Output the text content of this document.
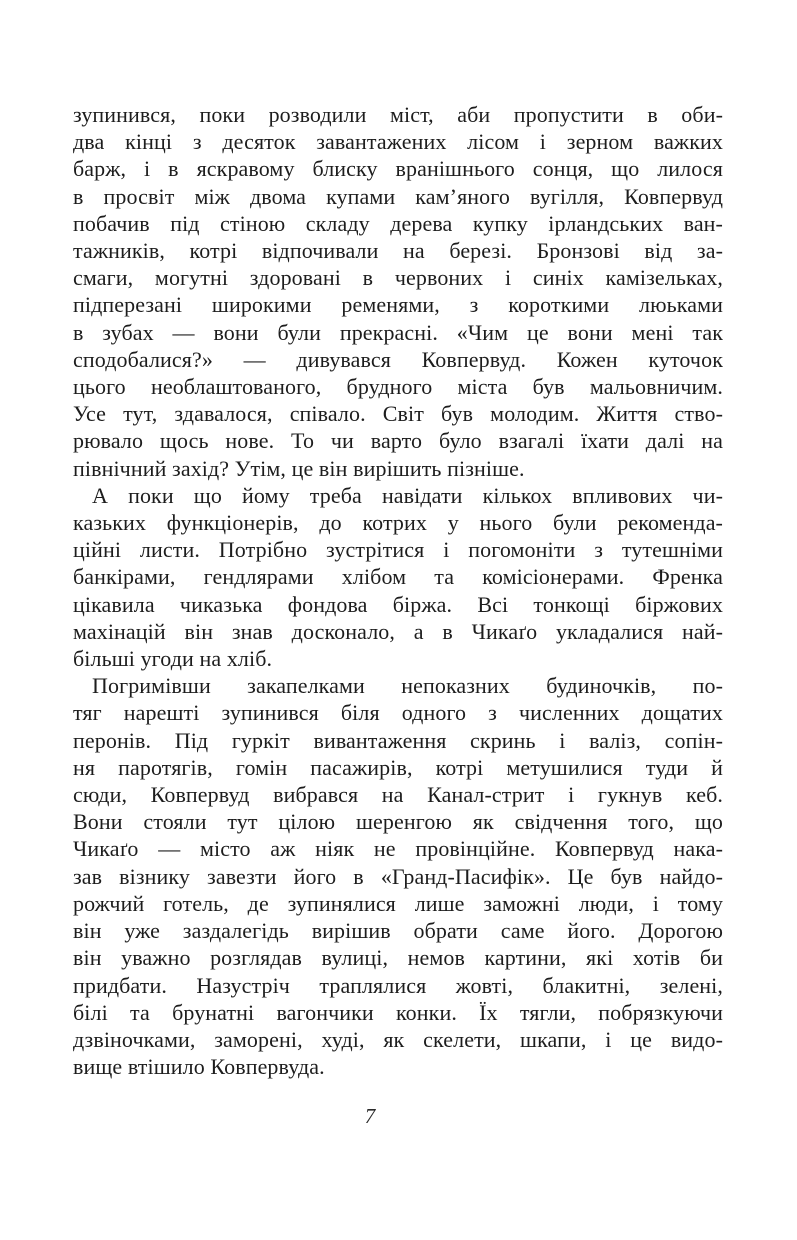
зупинився, поки розводили міст, аби пропустити в оби-
два кінці з десяток завантажених лісом і зерном важких
барж, і в яскравому блиску вранішнього сонця, що лилося
в просвіт між двома купами кам’яного вугілля, Ковпервуд
побачив під стіною складу дерева купку ірландських ван-
тажників, котрі відпочивали на березі. Бронзові від за-
смаги, могутні здоровані в червоних і синіх камізельках,
підперезані широкими ременями, з короткими люьками
в зубах — вони були прекрасні. «Чим це вони мені так
сподобалися?» — дивувався Ковпервуд. Кожен куточок
цього необлаштованого, брудного міста був мальовничим.
Усе тут, здавалося, співало. Світ був молодим. Життя ство-
рювало щось нове. То чи варто було взагалі їхати далі на
північний захід? Утім, це він вирішить пізніше.
А поки що йому треба навідати кількох впливових чи-
казьких функціонерів, до котрих у нього були рекоменда-
ційні листи. Потрібно зустрітися і погомоніти з тутешніми
банкірами, гендлярами хлібом та комісіонерами. Френка
цікавила чиказька фондова біржа. Всі тонкощі біржових
махінацій він знав досконало, а в Чикаґо укладалися най-
більші угоди на хліб.
Погримівши закапелками непоказних будиночків, по-
тяг нарешті зупинився біля одного з численних дощатих
перонів. Під гуркіт вивантаження скринь і валіз, сопін-
ня паротягів, гомін пасажирів, котрі метушилися туди й
сюди, Ковпервуд вибрався на Канал-стрит і гукнув кеб.
Вони стояли тут цілою шеренгою як свідчення того, що
Чикаґо — місто аж ніяк не провінційне. Ковпервуд нака-
зав візнику завезти його в «Гранд-Пасифік». Це був найдо-
рожчий готель, де зупинялися лише заможні люди, і тому
він уже заздалегідь вирішив обрати саме його. Дорогою
він уважно розглядав вулиці, немов картини, які хотів би
придбати. Назустріч траплялися жовті, блакитні, зелені,
білі та брунатні вагончики конки. Їх тягли, побрязкуючи
дзвіночками, заморені, худі, як скелети, шкапи, і це видо-
вище втішило Ковпервуда.
7
